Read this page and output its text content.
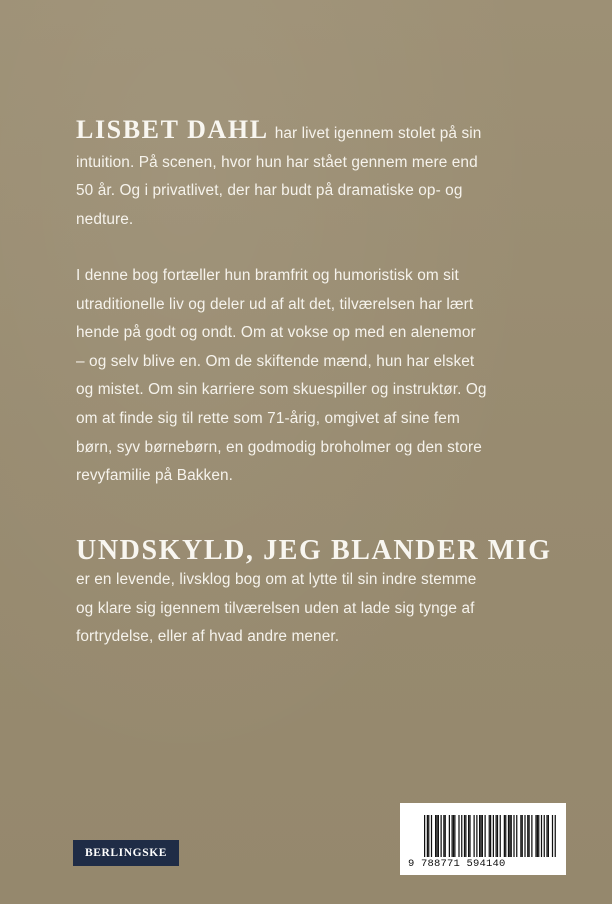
LISBET DAHL har livet igennem stolet på sin

intuition. På scenen, hvor hun har stået gennem mere end

50 år. Og i privatlivet, der har budt på dramatiske op- og

nedture.

I denne bog fortæller hun bramfrit og humoristisk om sit

utraditionelle liv og deler ud af alt det, tilværelsen har lært

hende på godt og ondt. Om at vokse op med en alenemor

– og selv blive en. Om de skiftende mænd, hun har elsket

og mistet. Om sin karriere som skuespiller og instruktør. Og

om at finde sig til rette som 71-årig, omgivet af sine fem

børn, syv børnebørn, en godmodig broholmer og den store

revyfamilie på Bakken.

UNDSKYLD, JEG BLANDER MIG

er en levende, livsklog bog om at lytte til sin indre stemme

og klare sig igennem tilværelsen uden at lade sig tynge af

fortrydelse, eller af hvad andre mener.

BERLINGSKE
9 788771 594140
